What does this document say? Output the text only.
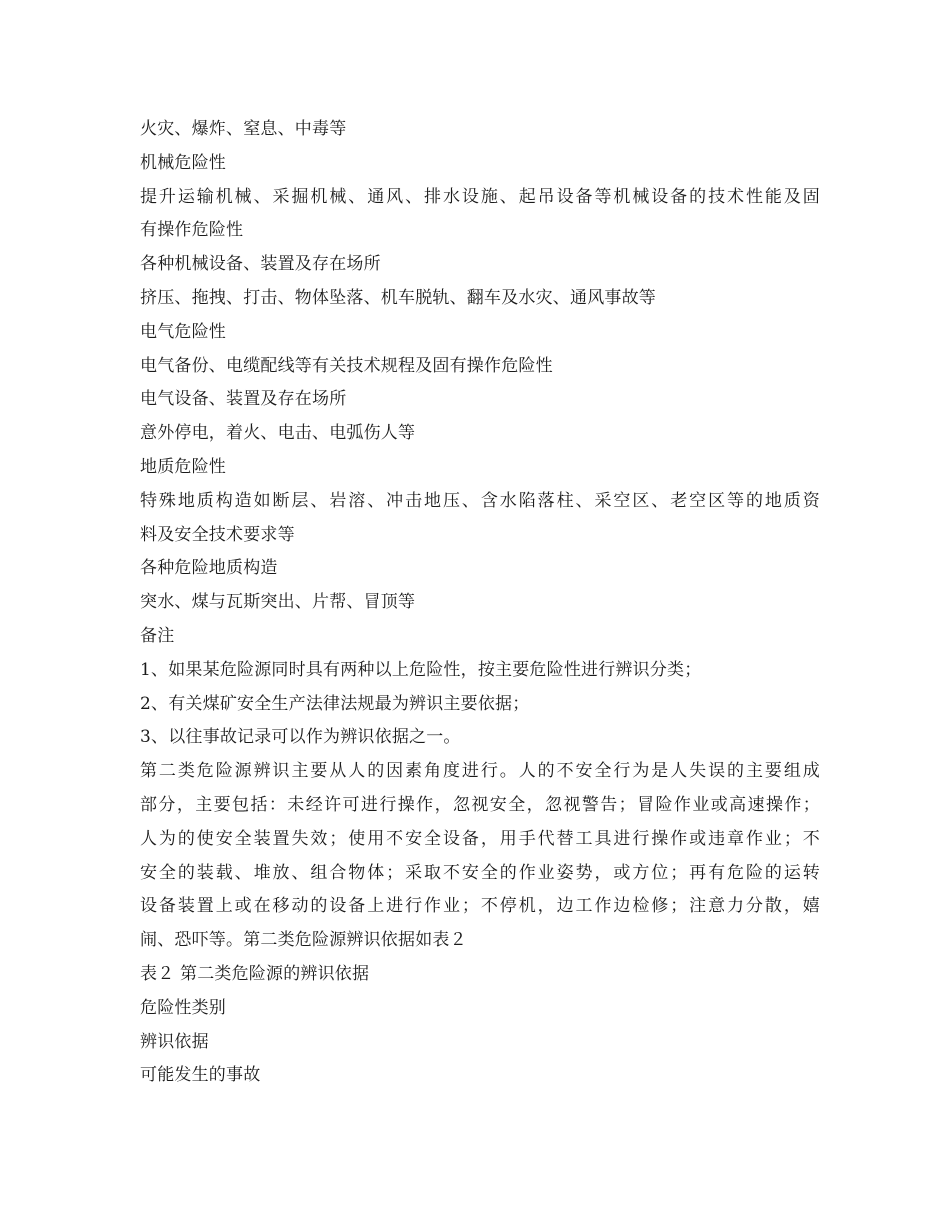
火灾、爆炸、窒息、中毒等
机械危险性
提升运输机械、采掘机械、通风、排水设施、起吊设备等机械设备的技术性能及固
有操作危险性
各种机械设备、装置及存在场所
挤压、拖拽、打击、物体坠落、机车脱轨、翻车及水灾、通风事故等
电气危险性
电气备份、电缆配线等有关技术规程及固有操作危险性
电气设备、装置及存在场所
意外停电，着火、电击、电弧伤人等
地质危险性
特殊地质构造如断层、岩溶、冲击地压、含水陷落柱、采空区、老空区等的地质资
料及安全技术要求等
各种危险地质构造
突水、煤与瓦斯突出、片帮、冒顶等
备注
1、如果某危险源同时具有两种以上危险性，按主要危险性进行辨识分类；
2、有关煤矿安全生产法律法规最为辨识主要依据；
3、以往事故记录可以作为辨识依据之一。
第二类危险源辨识主要从人的因素角度进行。人的不安全行为是人失误的主要组成
部分，主要包括：未经许可进行操作，忽视安全，忽视警告；冒险作业或高速操作；
人为的使安全装置失效；使用不安全设备，用手代替工具进行操作或违章作业；不
安全的装载、堆放、组合物体；采取不安全的作业姿势，或方位；再有危险的运转
设备装置上或在移动的设备上进行作业；不停机，边工作边检修；注意力分散，嬉
闹、恐吓等。第二类危险源辨识依据如表２
表２ 第二类危险源的辨识依据
危险性类别
辨识依据
可能发生的事故
